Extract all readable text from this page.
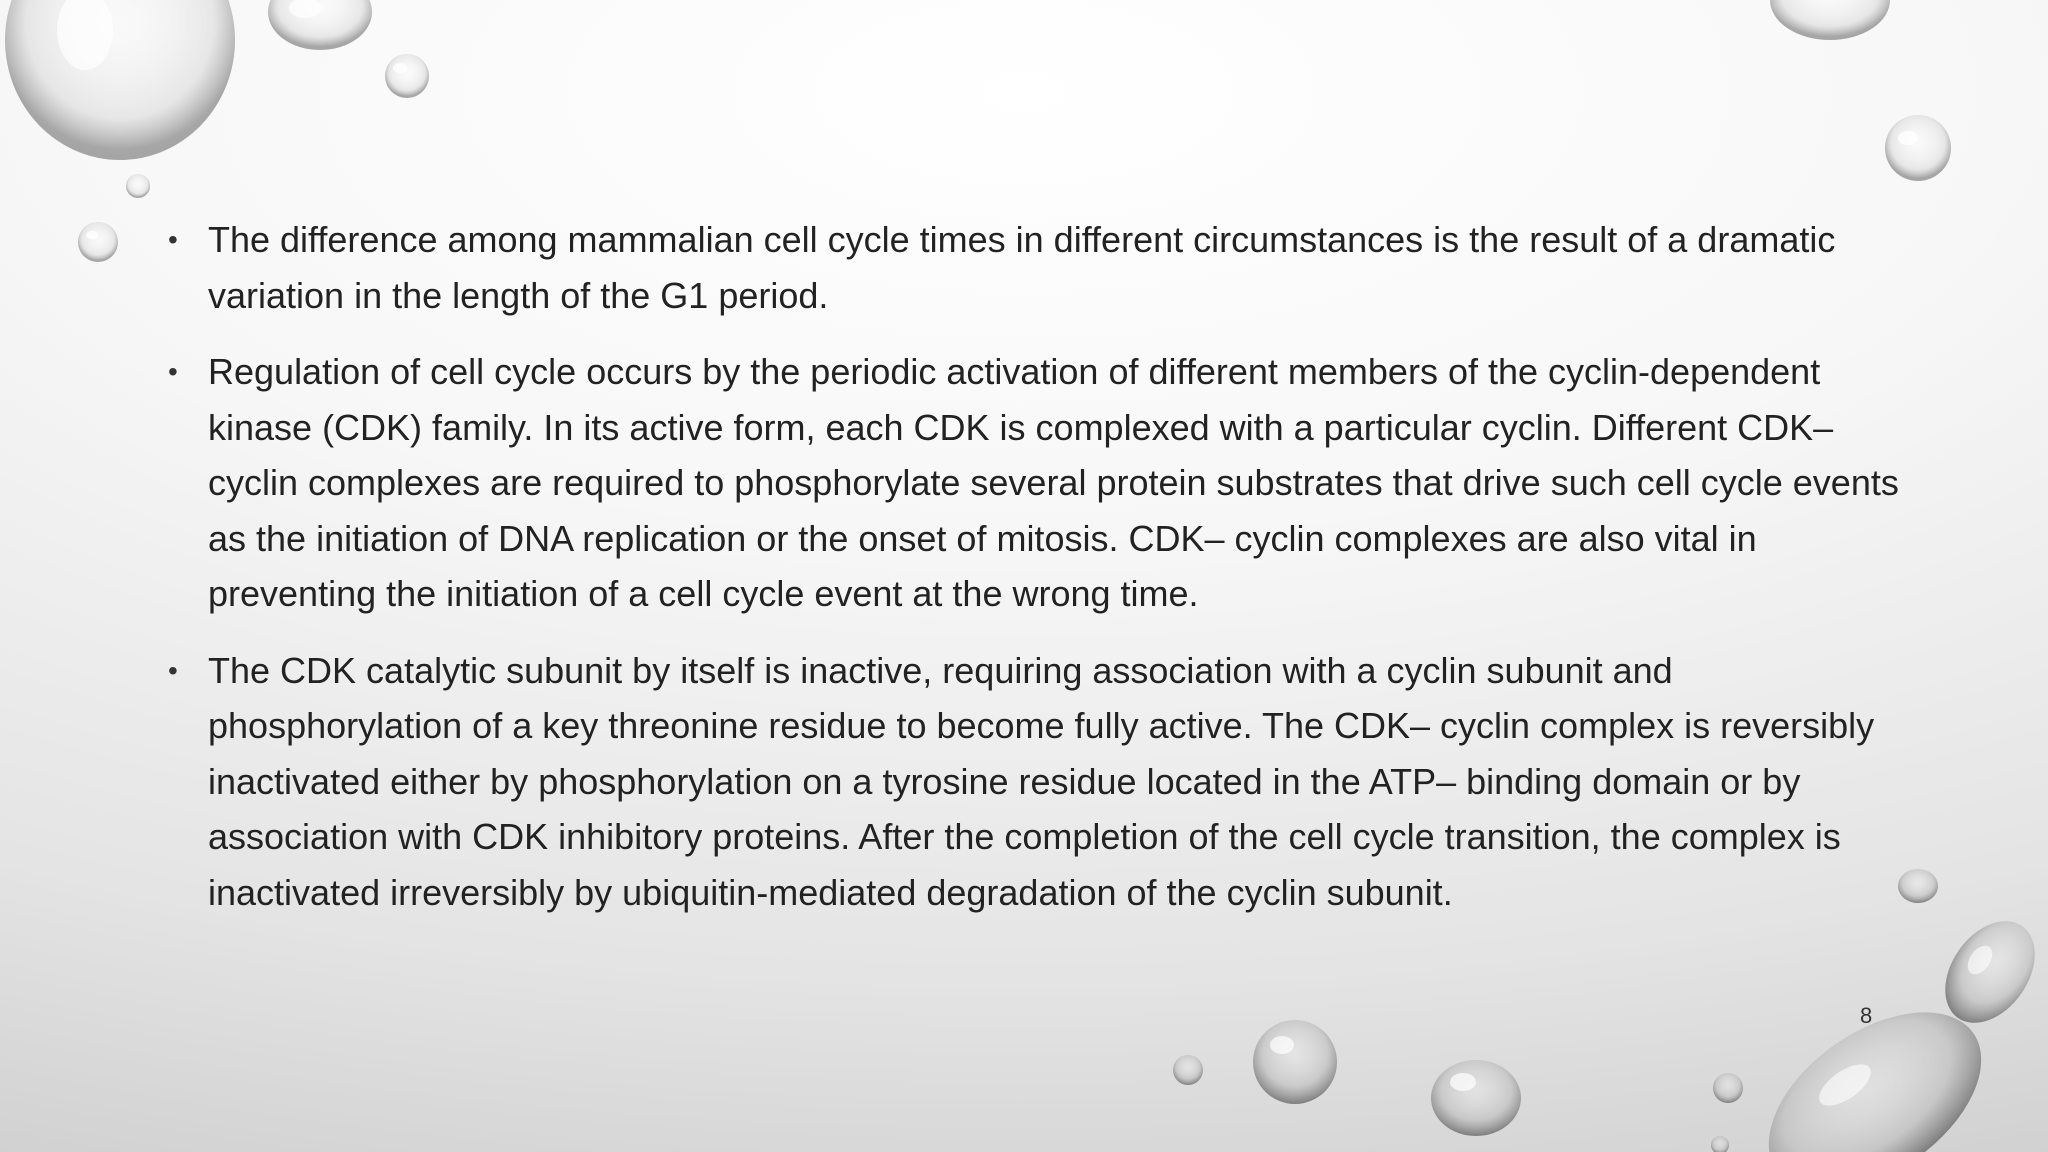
• The difference among mammalian cell cycle times in different circumstances is the result of a dramatic variation in the length of the G1 period.
• Regulation of cell cycle occurs by the periodic activation of different members of the cyclin-dependent kinase (CDK) family. In its active form, each CDK is complexed with a particular cyclin. Different CDK–cyclin complexes are required to phosphorylate several protein substrates that drive such cell cycle events as the initiation of DNA replication or the onset of mitosis. CDK– cyclin complexes are also vital in preventing the initiation of a cell cycle event at the wrong time.
• The CDK catalytic subunit by itself is inactive, requiring association with a cyclin subunit and phosphorylation of a key threonine residue to become fully active. The CDK– cyclin complex is reversibly inactivated either by phosphorylation on a tyrosine residue located in the ATP– binding domain or by association with CDK inhibitory proteins. After the completion of the cell cycle transition, the complex is inactivated irreversibly by ubiquitin-mediated degradation of the cyclin subunit.
8
